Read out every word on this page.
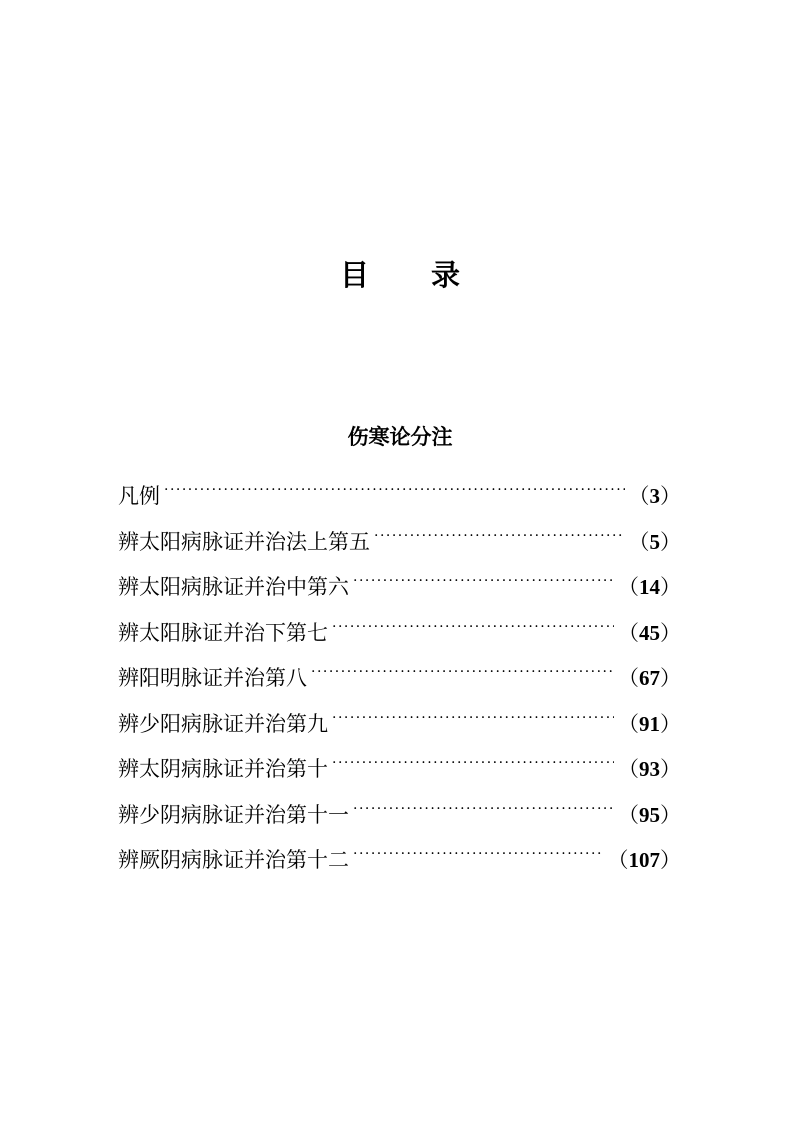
目 录
伤寒论分注
凡例 ·····	（3）
辨太阳病脉证并治法上第五 ·····	（5）
辨太阳病脉证并治中第六 ·····	（14）
辨太阳脉证并治下第七 ·····	（45）
辨阳明脉证并治第八 ·····	（67）
辨少阳病脉证并治第九 ·····	（91）
辨太阴病脉证并治第十 ·····	（93）
辨少阴病脉证并治第十一 ·····	（95）
辨厥阴病脉证并治第十二 ·····	（107）
